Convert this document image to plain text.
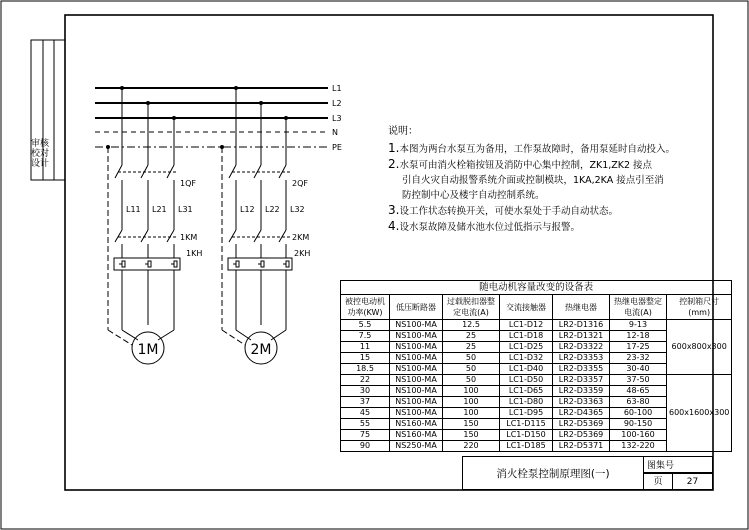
L1
L2
L3
N
PE
1QF
1KM
1KH
L11 L21 L31
1M
2QF
2KM
2KH
L12 L22 L32
2M
审核
校对
设计
说明：
1.本图为两台水泵互为备用，工作泵故障时，备用泵延时自动投入。
2.水泵可由消火栓箱按钮及消防中心集中控制，ZK1,ZK2 接点
引自火灾自动报警系统介面或控制模块，1KA,2KA 接点引至消
防控制中心及楼宇自动控制系统。
3.设工作状态转换开关，可使水泵处于手动自动状态。
4.设水泵故障及储水池水位过低指示与报警。
随电动机容量改变的设备表
被控电动机功率(KW)	低压断路器	过载脱扣器整定电流(A)	交流接触器	热继电器	热继电器整定电流(A)	控制箱尺寸(mm)
5.5	NS100-MA	12.5	LC1-D12	LR2-D1316	9-13	600x800x300
7.5	NS100-MA	25	LC1-D18	LR2-D1321	12-18	
11	NS100-MA	25	LC1-D25	LR2-D3322	17-25	
15	NS100-MA	50	LC1-D32	LR2-D3353	23-32	
18.5	NS100-MA	50	LC1-D40	LR2-D3355	30-40	
22	NS100-MA	50	LC1-D50	LR2-D3357	37-50	600x1600x300
30	NS100-MA	100	LC1-D65	LR2-D3359	48-65	
37	NS100-MA	100	LC1-D80	LR2-D3363	63-80	
45	NS100-MA	100	LC1-D95	LR2-D4365	60-100	
55	NS160-MA	150	LC1-D115	LR2-D5369	90-150	
75	NS160-MA	150	LC1-D150	LR2-D5369	100-160	
90	NS250-MA	220	LC1-D185	LR2-D5371	132-220	
消火栓泵控制原理图(一)
图集号
页	27
